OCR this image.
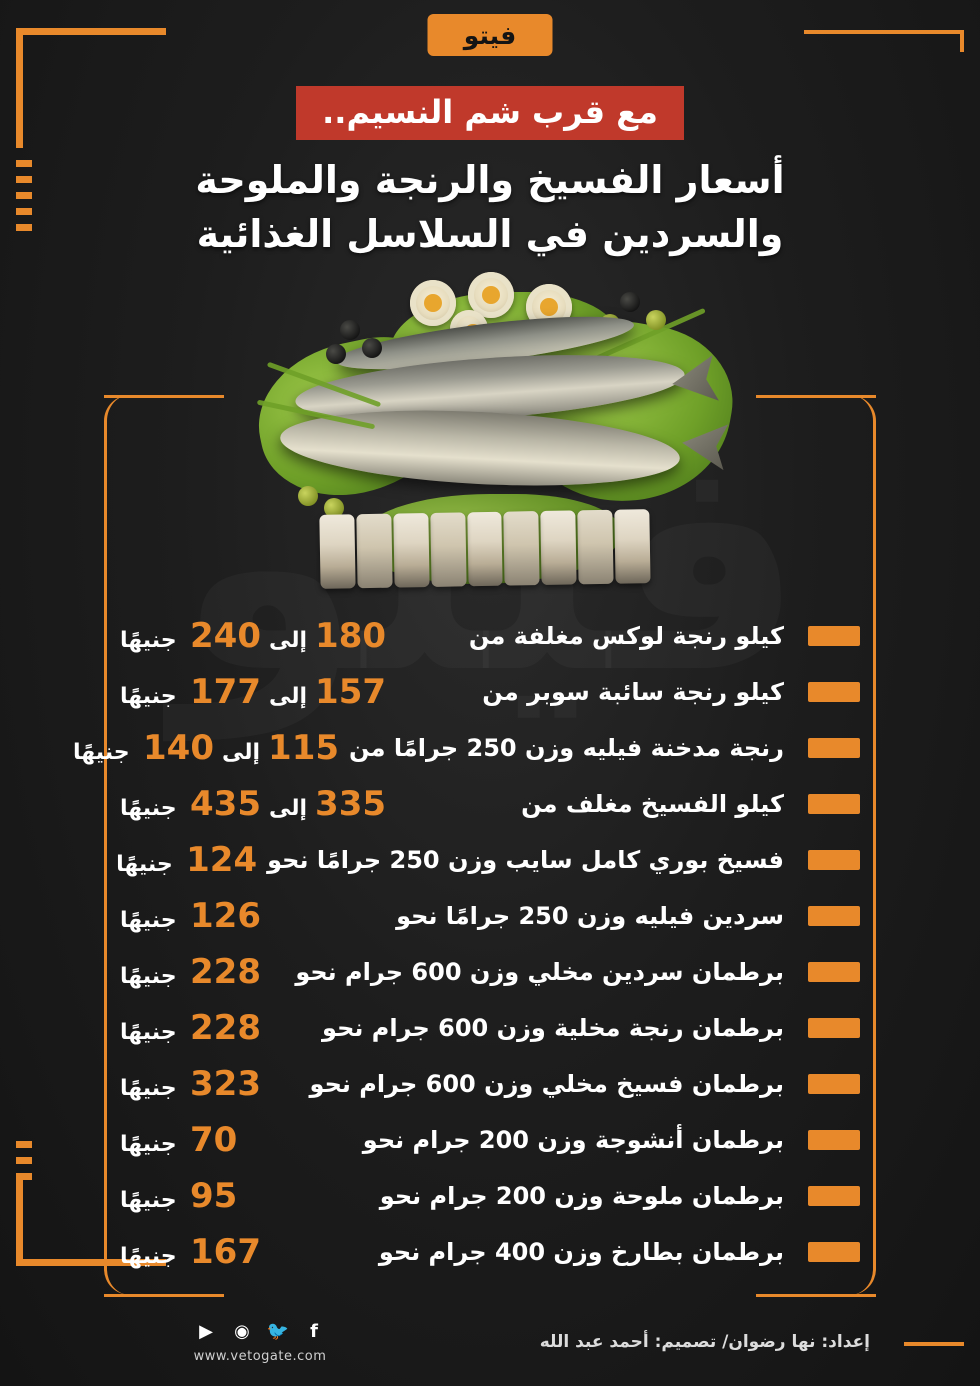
فيتو
مع قرب شم النسيم..
أسعار الفسيخ والرنجة والملوحة
والسردين في السلاسل الغذائية
كيلو رنجة لوكس مغلفة من
180
إلى
240
جنيهًا
كيلو رنجة سائبة سوبر من
157
إلى
177
جنيهًا
رنجة مدخنة فيليه وزن 250 جرامًا من
115
إلى
140
جنيهًا
كيلو الفسيخ مغلف من
335
إلى
435
جنيهًا
فسيخ بوري كامل سايب وزن 250 جرامًا نحو
124
جنيهًا
سردين فيليه وزن 250 جرامًا نحو
126
جنيهًا
برطمان سردين مخلي وزن 600 جرام نحو
228
جنيهًا
برطمان رنجة مخلية وزن 600 جرام نحو
228
جنيهًا
برطمان فسيخ مخلي وزن 600 جرام نحو
323
جنيهًا
برطمان أنشوجة وزن 200 جرام نحو
70
جنيهًا
برطمان ملوحة وزن 200 جرام نحو
95
جنيهًا
برطمان بطارخ وزن 400 جرام نحو
167
جنيهًا
f
🐦
◉
▶
www.vetogate.com
إعداد: نها رضوان/ تصميم: أحمد عبد الله
